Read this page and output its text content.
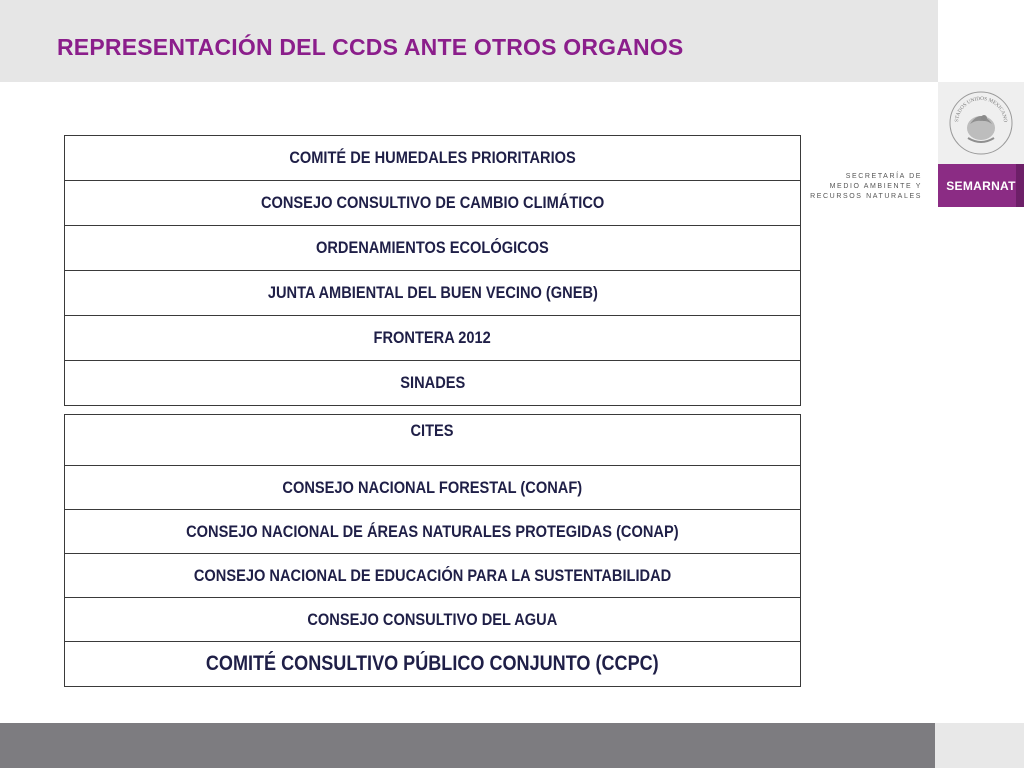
REPRESENTACIÓN DEL CCDS ANTE OTROS ORGANOS
STADOS UNIDOS MEXICANO
SECRETARÍA DE
MEDIO AMBIENTE Y
RECURSOS NATURALES
SEMARNAT
COMITÉ DE HUMEDALES PRIORITARIOS
CONSEJO CONSULTIVO DE CAMBIO CLIMÁTICO
ORDENAMIENTOS ECOLÓGICOS
JUNTA AMBIENTAL DEL BUEN VECINO (GNEB)
FRONTERA 2012
SINADES
CITES
CONSEJO NACIONAL FORESTAL (CONAF)
CONSEJO NACIONAL DE ÁREAS NATURALES PROTEGIDAS (CONAP)
CONSEJO NACIONAL DE EDUCACIÓN PARA LA SUSTENTABILIDAD
CONSEJO CONSULTIVO DEL AGUA
COMITÉ CONSULTIVO PÚBLICO CONJUNTO (CCPC)
